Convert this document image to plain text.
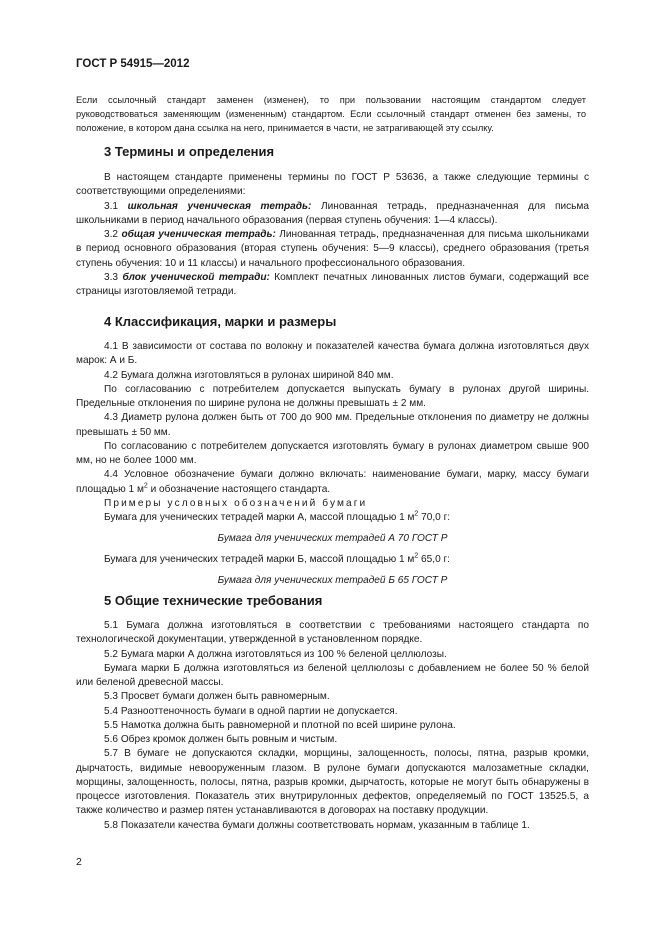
ГОСТ Р 54915—2012
Если ссылочный стандарт заменен (изменен), то при пользовании настоящим стандартом следует руководствоваться заменяющим (измененным) стандартом. Если ссылочный стандарт отменен без замены, то положение, в котором дана ссылка на него, принимается в части, не затрагивающей эту ссылку.
3 Термины и определения

В настоящем стандарте применены термины по ГОСТ Р 53636, а также следующие термины с соответствующими определениями:

3.1 школьная ученическая тетрадь: Линованная тетрадь, предназначенная для письма школьниками в период начального образования (первая ступень обучения: 1—4 классы).

3.2 общая ученическая тетрадь: Линованная тетрадь, предназначенная для письма школьниками в период основного образования (вторая ступень обучения: 5—9 классы), среднего образования (третья ступень обучения: 10 и 11 классы) и начального профессионального образования.

3.3 блок ученической тетради: Комплект печатных линованных листов бумаги, содержащий все страницы изготовляемой тетради.

4 Классификация, марки и размеры

4.1 В зависимости от состава по волокну и показателей качества бумага должна изготовляться двух марок: А и Б.

4.2 Бумага должна изготовляться в рулонах шириной 840 мм.

По согласованию с потребителем допускается выпускать бумагу в рулонах другой ширины. Предельные отклонения по ширине рулона не должны превышать ± 2 мм.

4.3 Диаметр рулона должен быть от 700 до 900 мм. Предельные отклонения по диаметру не должны превышать ± 50 мм.

По согласованию с потребителем допускается изготовлять бумагу в рулонах диаметром свыше 900 мм, но не более 1000 мм.

4.4 Условное обозначение бумаги должно включать: наименование бумаги, марку, массу бумаги площадью 1 $м^2$ и обозначение настоящего стандарта.

Примеры условных обозначений бумаги

Бумага для ученических тетрадей марки А, массой площадью 1 $м^2$ 70,0 г:

Бумага для ученических тетрадей А 70 ГОСТ Р

Бумага для ученических тетрадей марки Б, массой площадью 1 $м^2$ 65,0 г:

Бумага для ученических тетрадей Б 65 ГОСТ Р

5 Общие технические требования

5.1 Бумага должна изготовляться в соответствии с требованиями настоящего стандарта по технологической документации, утвержденной в установленном порядке.

5.2 Бумага марки А должна изготовляться из 100 % беленой целлюлозы.

Бумага марки Б должна изготовляться из беленой целлюлозы с добавлением не более 50 % белой или беленой древесной массы.

5.3 Просвет бумаги должен быть равномерным.

5.4 Разнооттеночность бумаги в одной партии не допускается.

5.5 Намотка должна быть равномерной и плотной по всей ширине рулона.

5.6 Обрез кромок должен быть ровным и чистым.

5.7 В бумаге не допускаются складки, морщины, залощенность, полосы, пятна, разрыв кромки, дырчатость, видимые невооруженным глазом. В рулоне бумаги допускаются малозаметные складки, морщины, залощенность, полосы, пятна, разрыв кромки, дырчатость, которые не могут быть обнаружены в процессе изготовления. Показатель этих внутрирулонных дефектов, определяемый по ГОСТ 13525.5, а также количество и размер пятен устанавливаются в договорах на поставку продукции.

5.8 Показатели качества бумаги должны соответствовать нормам, указанным в таблице 1.

2
